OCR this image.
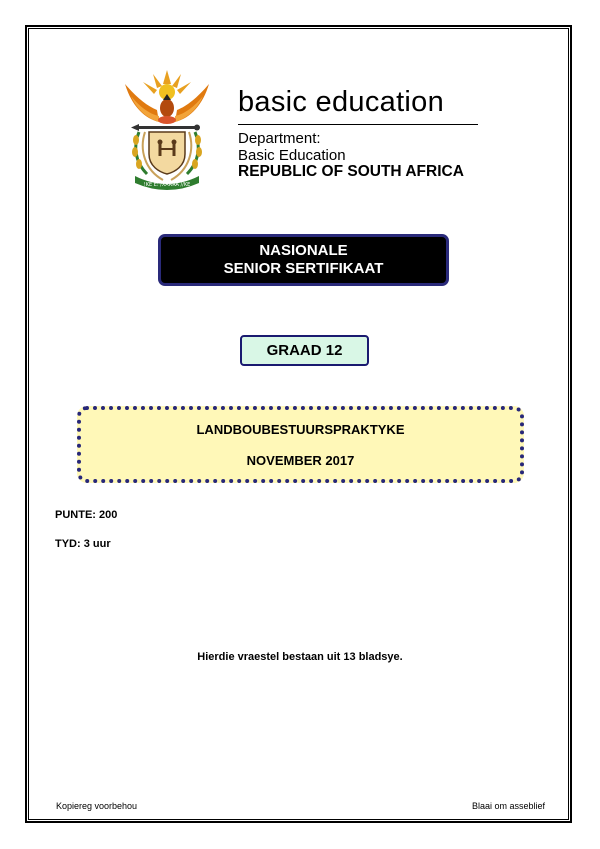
!KE E: /XARRA //KE
basic education
Department:
Basic Education
REPUBLIC OF SOUTH AFRICA
NASIONALE
SENIOR SERTIFIKAAT
GRAAD 12
LANDBOUBESTUURSPRAKTYKE
NOVEMBER 2017
PUNTE: 200
TYD: 3 uur
Hierdie vraestel bestaan uit 13 bladsye.
Kopiereg voorbehou	Blaai om asseblief
